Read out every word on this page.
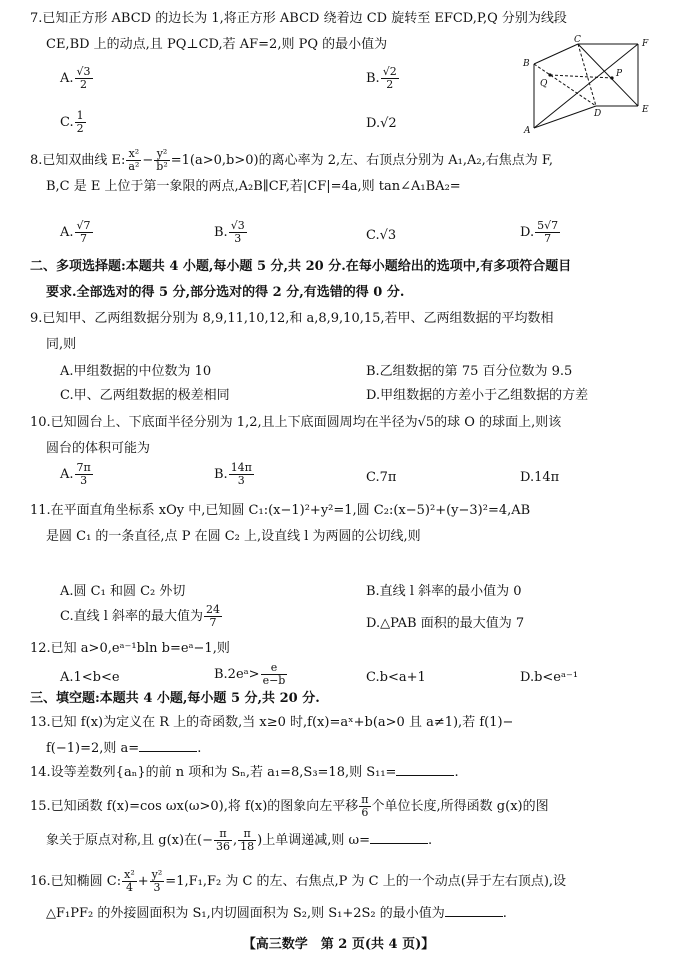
7.已知正方形 ABCD 的边长为 1,将正方形 ABCD 绕着边 CD 旋转至 EFCD,P,Q 分别为线段
CE,BD 上的动点,且 PQ⊥CD,若 AF=2,则 PQ 的最小值为
A. $\frac{√3}{2}$	B. $\frac{√2}{2}$
C. $\frac{1}{2}$	D.√2
B
C	F
E
D
A
Q
P
8.已知双曲线 E: $\frac{\text{x²}}{\text{a²}} - \frac{\text{y²}}{\text{b²}} =1(a>0,b>0)$的离心率为 2,左、右顶点分别为 A₁,A₂,右焦点为 F,
B,C 是 E 上位于第一象限的两点,A₂B∥CF,若|CF|=4a,则 tan∠A₁BA₂=
A. $\frac{√7}{7}$	B. $\frac{√3}{3}$	C.√3	D. $\frac{5√7}{7}$
二、多项选择题:本题共 4 小题,每小题 5 分,共 20 分.在每小题给出的选项中,有多项符合题目
要求.全部选对的得 5 分,部分选对的得 2 分,有选错的得 0 分.
9.已知甲、乙两组数据分别为 8,9,11,10,12,和 a,8,9,10,15,若甲、乙两组数据的平均数相
同,则
A.甲组数据的中位数为 10	B.乙组数据的第 75 百分位数为 9.5
C.甲、乙两组数据的极差相同	D.甲组数据的方差小于乙组数据的方差
10.已知圆台上、下底面半径分别为 1,2,且上下底面圆周均在半径为√5的球 O 的球面上,则该
圆台的体积可能为
A. $\frac{7\pi}{3}$	B. $\frac{14\pi}{3}$	C.7π	D.14π
11.在平面直角坐标系 xOy 中,已知圆 C₁:(x−1)²+y²=1,圆 C₂:(x−5)²+(y−3)²=4,AB
是圆 C₁ 的一条直径,点 P 在圆 C₂ 上,设直线 l 为两圆的公切线,则
A.圆 C₁ 和圆 C₂ 外切	B.直线 l 斜率的最小值为 0
C.直线 l 斜率的最大值为 $\frac{24}{7}$	D.△PAB 面积的最大值为 7
12.已知 a>0,eᵃ⁻¹bln b=eᵃ−1,则
A.1<b<e	B.2eᵃ> $\frac{e}{e-b}$	C.b<a+1	D.b<eᵃ⁻¹
三、填空题:本题共 4 小题,每小题 5 分,共 20 分.
13.已知 f(x)为定义在 R 上的奇函数,当 x≥0 时,f(x)=aˣ+b(a>0 且 a≠1),若 f(1)−
f(−1)=2,则 a=	.
14.设等差数列{aₙ}的前 n 项和为 Sₙ,若 a₁=8,S₃=18,则 S₁₁=	.
15.已知函数 f(x)=cos ωx(ω>0),将 f(x)的图象向左平移 $\frac{\pi}{6}$ 个单位长度,所得函数 g(x)的图
象关于原点对称,且 g(x)在(− $\frac{\pi}{36}$ , $\frac{\pi}{18}$ )上单调递减,则 ω=	.
16.已知椭圆 C: $\frac{\text{x²}}{4} + \frac{\text{y²}}{3} =1,F_1,F_2$ 为 C 的左、右焦点,P 为 C 上的一个动点(异于左右顶点),设
△F₁PF₂ 的外接圆面积为 S₁,内切圆面积为 S₂,则 S₁+2S₂ 的最小值为	.
【高三数学　第 2 页(共 4 页)】
